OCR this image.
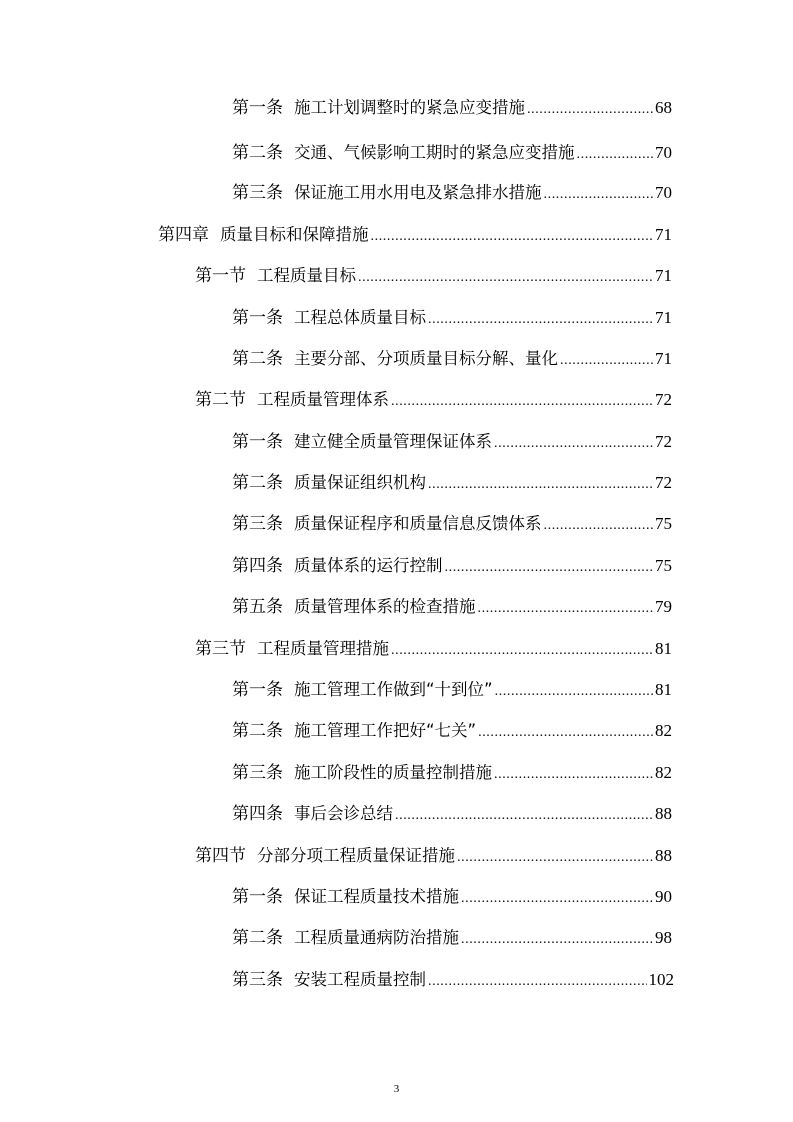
第一条 施工计划调整时的紧急应变措施 .....	68
第二条 交通、气候影响工期时的紧急应变措施 .....	70
第三条 保证施工用水用电及紧急排水措施 .....	70
第四章 质量目标和保障措施 .....	71
第一节 工程质量目标 .....	71
第一条 工程总体质量目标 .....	71
第二条 主要分部、分项质量目标分解、量化 .....	71
第二节 工程质量管理体系 .....	72
第一条 建立健全质量管理保证体系 .....	72
第二条 质量保证组织机构 .....	72
第三条 质量保证程序和质量信息反馈体系 .....	75
第四条 质量体系的运行控制 .....	75
第五条 质量管理体系的检查措施 .....	79
第三节 工程质量管理措施 .....	81
第一条 施工管理工作做到“十到位” .....	81
第二条 施工管理工作把好“七关” .....	82
第三条 施工阶段性的质量控制措施 .....	82
第四条 事后会诊总结 .....	88
第四节 分部分项工程质量保证措施 .....	88
第一条 保证工程质量技术措施 .....	90
第二条 工程质量通病防治措施 .....	98
第三条 安装工程质量控制 .....	102
3
